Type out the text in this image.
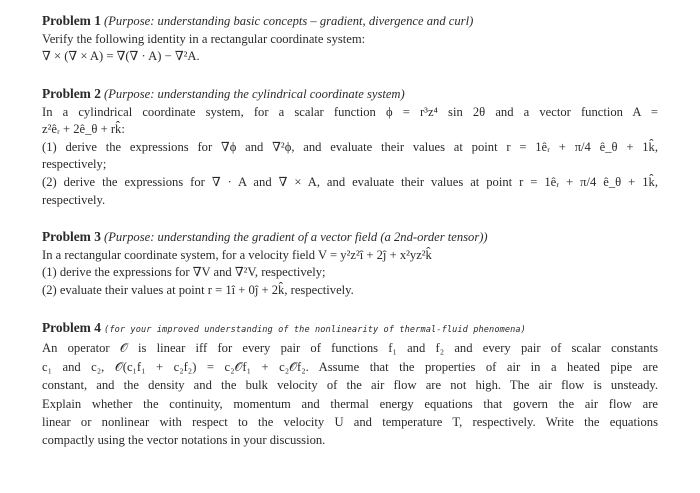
Problem 1 (Purpose: understanding basic concepts – gradient, divergence and curl)
Verify the following identity in a rectangular coordinate system:
∇ × (∇ × A) = ∇(∇ · A) − ∇²A.
Problem 2 (Purpose: understanding the cylindrical coordinate system)
In a cylindrical coordinate system, for a scalar function ϕ = r³z⁴ sin 2θ and a vector function A =
z²êᵣ + 2ê_θ + rk̂:
(1) derive the expressions for ∇ϕ and ∇²ϕ, and evaluate their values at point r = 1êᵣ + π/4 ê_θ + 1k̂,
respectively;
(2) derive the expressions for ∇ · A and ∇ × A, and evaluate their values at point r = 1êᵣ + π/4 ê_θ + 1k̂,
respectively.
Problem 3 (Purpose: understanding the gradient of a vector field (a 2nd-order tensor))
In a rectangular coordinate system, for a velocity field V = y²z²î + 2ĵ + x²yz²k̂
(1) derive the expressions for ∇V and ∇²V, respectively;
(2) evaluate their values at point r = 1î + 0ĵ + 2k̂, respectively.
Problem 4 (for your improved understanding of the nonlinearity of thermal-fluid phenomena)
An operator 𝒪 is linear iff for every pair of functions f₁ and f₂ and every pair of scalar constants
c₁ and c₂, 𝒪(c₁f₁ + c₂f₂) = c₂𝒪f₁ + c₂𝒪f₂. Assume that the properties of air in a heated pipe are
constant, and the density and the bulk velocity of the air flow are not high. The air flow is unsteady.
Explain whether the continuity, momentum and thermal energy equations that govern the air flow are
linear or nonlinear with respect to the velocity U and temperature T, respectively. Write the equations
compactly using the vector notations in your discussion.
